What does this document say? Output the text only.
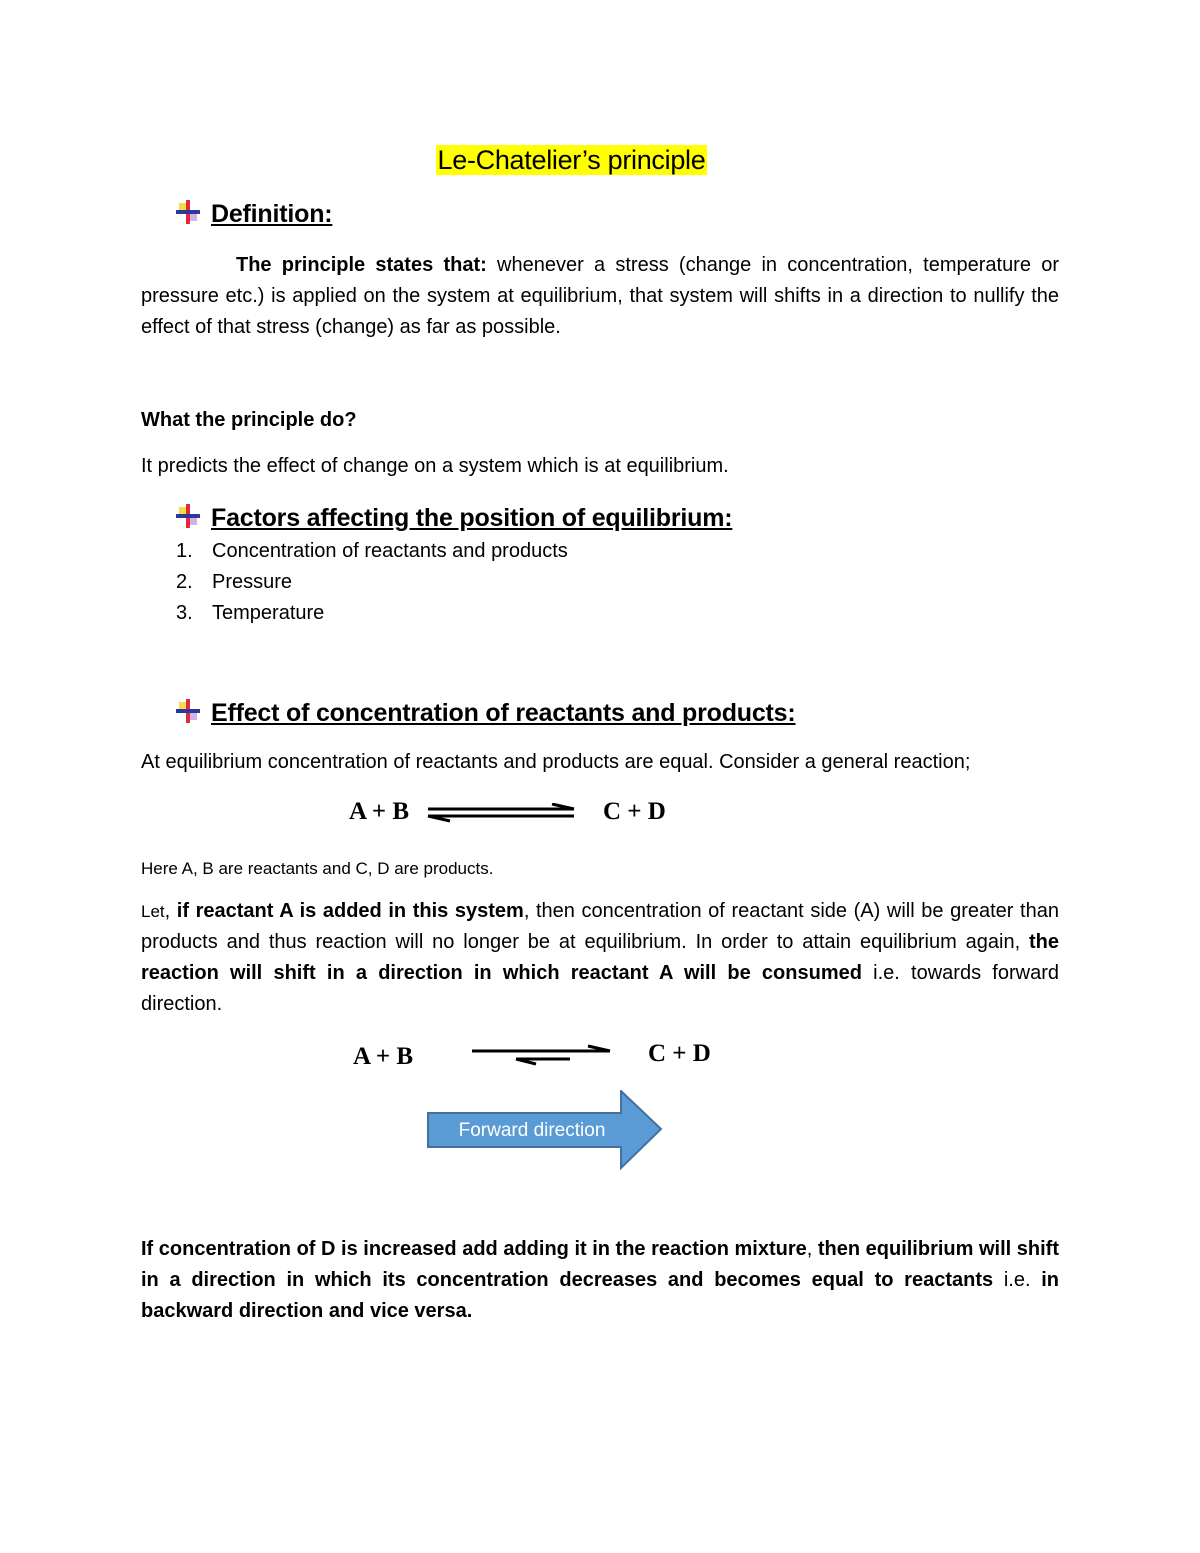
Le-Chatelier’s principle
Definition:
The principle states that: whenever a stress (change in concentration, temperature or pressure etc.) is applied on the system at equilibrium, that system will shifts in a direction to nullify the effect of that stress (change) as far as possible.
What the principle do?
It predicts the effect of change on a system which is at equilibrium.
Factors affecting the position of equilibrium:
1. Concentration of reactants and products
2. Pressure
3. Temperature
Effect of concentration of reactants and products:
At equilibrium concentration of reactants and products are equal. Consider a general reaction;
A + B	C + D
Here A, B are reactants and C, D are products.
Let, if reactant A is added in this system, then concentration of reactant side (A) will be greater than products and thus reaction will no longer be at equilibrium. In order to attain equilibrium again, the reaction will shift in a direction in which reactant A will be consumed i.e. towards forward direction.
A + B	C + D
Forward direction
If concentration of D is increased add adding it in the reaction mixture, then equilibrium will shift in a direction in which its concentration decreases and becomes equal to reactants i.e. in backward direction and vice versa.
